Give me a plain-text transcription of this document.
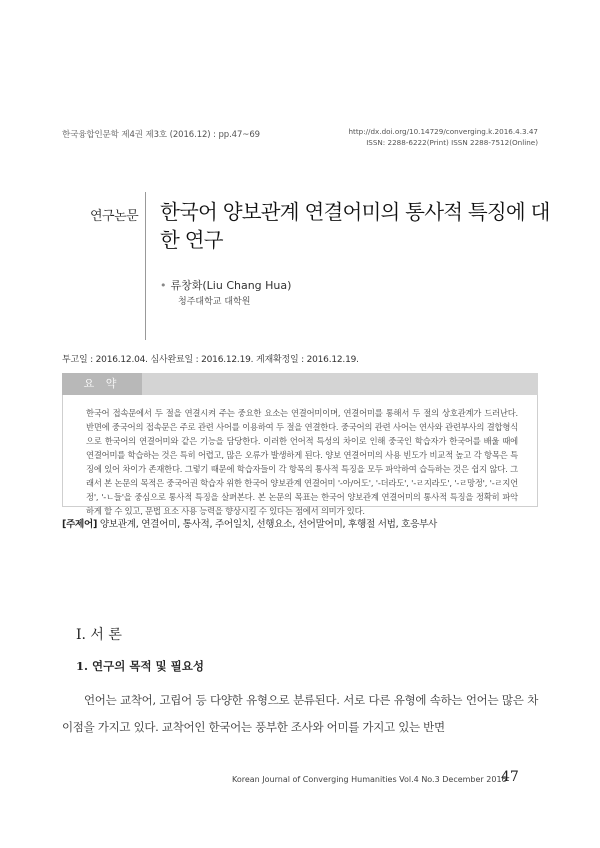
한국융합인문학 제4권 제3호 (2016.12) : pp.47~69	http://dx.doi.org/10.14729/converging.k.2016.4.3.47
ISSN: 2288-6222(Print) ISSN 2288-7512(Online)
연구논문 한국어 양보관계 연결어미의 통사적 특징에 대한 연구
• 류창화(Liu Chang Hua)
청주대학교 대학원
투고일 : 2016.12.04. 심사완료일 : 2016.12.19. 게재확정일 : 2016.12.19.
요 약
한국어 접속문에서 두 절을 연결시켜 주는 중요한 요소는 연결어미이며, 연결어미를 통해서 두 절의 상호관계가 드러난다. 반면에 중국어의 접속문은 주로 관련 사어를 이용하여 두 절을 연결한다. 중국어의 관련 사어는 연사와 관련부사의 결합형식으로 한국어의 연결어미와 같은 기능을 담당한다. 이러한 언어적 특성의 차이로 인해 중국인 학습자가 한국어를 배울 때에 연결어미를 학습하는 것은 특히 어렵고, 많은 오류가 발생하게 된다. 양보 연결어미의 사용 빈도가 비교적 높고 각 항목은 특징에 있어 차이가 존재한다. 그렇기 때문에 학습자들이 각 항목의 통사적 특징을 모두 파악하여 습득하는 것은 쉽지 않다. 그래서 본 논문의 목적은 중국어권 학습자 위한 한국어 양보관계 연결어미 '-아/어도', '-더라도', '-ㄹ지라도', '-ㄹ망정', '-ㄹ지언정', '-ㄴ들'을 중심으로 통사적 특징을 살펴본다. 본 논문의 목표는 한국어 양보관계 연결어미의 통사적 특징을 정확히 파악하게 할 수 있고, 문법 요소 사용 능력을 향상시킬 수 있다는 점에서 의미가 있다.
[주제어] 양보관계, 연결어미, 통사적, 주어일치, 선행요소, 선어말어미, 후행절 서법, 호응부사
Ⅰ. 서 론
1. 연구의 목적 및 필요성
언어는 교착어, 고립어 등 다양한 유형으로 분류된다. 서로 다른 유형에 속하는 언어는 많은 차이점을 가지고 있다. 교착어인 한국어는 풍부한 조사와 어미를 가지고 있는 반면
Korean Journal of Converging Humanities Vol.4 No.3 December 2016
47
